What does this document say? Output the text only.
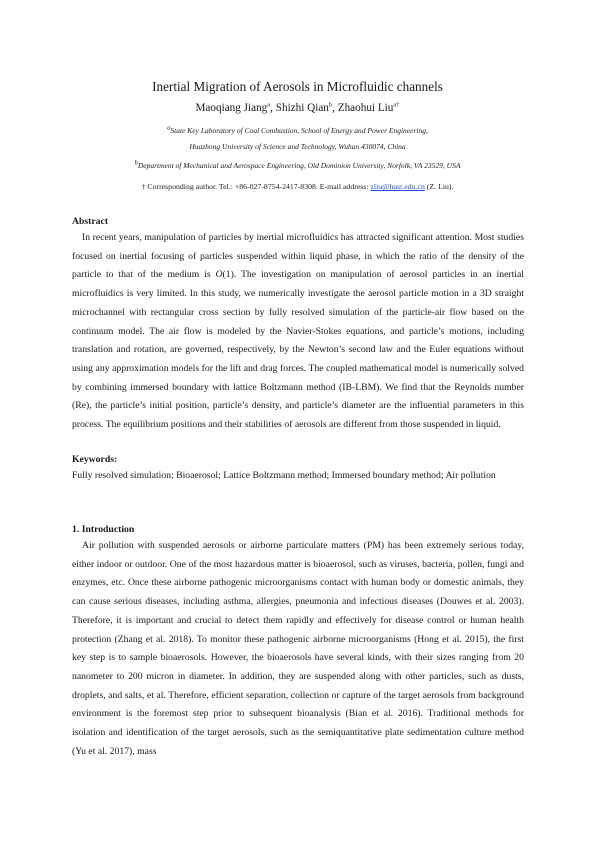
Inertial Migration of Aerosols in Microfluidic channels
Maoqiang Jiang$^a$, Shizhi Qian$^b$, Zhaohui Liu$^{a\dagger}$
$^a$State Key Laboratory of Coal Combustion, School of Energy and Power Engineering,
Huazhong University of Science and Technology, Wuhan 430074, China
$^b$Department of Mechanical and Aerospace Engineering, Old Dominion University, Norfolk, VA 23529, USA
† Corresponding author. Tel.: +86-027-8754-2417-8308. E-mail address: zliu@hust.edu.cn (Z. Liu).
Abstract
In recent years, manipulation of particles by inertial microfluidics has attracted significant attention. Most studies focused on inertial focusing of particles suspended within liquid phase, in which the ratio of the density of the particle to that of the medium is O(1). The investigation on manipulation of aerosol particles in an inertial microfluidics is very limited. In this study, we numerically investigate the aerosol particle motion in a 3D straight microchannel with rectangular cross section by fully resolved simulation of the particle-air flow based on the continuum model. The air flow is modeled by the Navier-Stokes equations, and particle’s motions, including translation and rotation, are governed, respectively, by the Newton’s second law and the Euler equations without using any approximation models for the lift and drag forces. The coupled mathematical model is numerically solved by combining immersed boundary with lattice Boltzmann method (IB-LBM). We find that the Reynolds number (Re), the particle’s initial position, particle’s density, and particle’s diameter are the influential parameters in this process. The equilibrium positions and their stabilities of aerosols are different from those suspended in liquid.
Keywords:
Fully resolved simulation; Bioaerosol; Lattice Boltzmann method; Immersed boundary method; Air pollution
1. Introduction
Air pollution with suspended aerosols or airborne particulate matters (PM) has been extremely serious today, either indoor or outdoor. One of the most hazardous matter is bioaerosol, such as viruses, bacteria, pollen, fungi and enzymes, etc. Once these airborne pathogenic microorganisms contact with human body or domestic animals, they can cause serious diseases, including asthma, allergies, pneumonia and infectious diseases (Douwes et al. 2003). Therefore, it is important and crucial to detect them rapidly and effectively for disease control or human health protection (Zhang et al. 2018). To monitor these pathogenic airborne microorganisms (Hong et al. 2015), the first key step is to sample bioaerosols. However, the bioaerosols have several kinds, with their sizes ranging from 20 nanometer to 200 micron in diameter. In addition, they are suspended along with other particles, such as dusts, droplets, and salts, et al. Therefore, efficient separation, collection or capture of the target aerosols from background environment is the foremost step prior to subsequent bioanalysis (Bian et al. 2016). Traditional methods for isolation and identification of the target aerosols, such as the semiquantitative plate sedimentation culture method (Yu et al. 2017), mass
